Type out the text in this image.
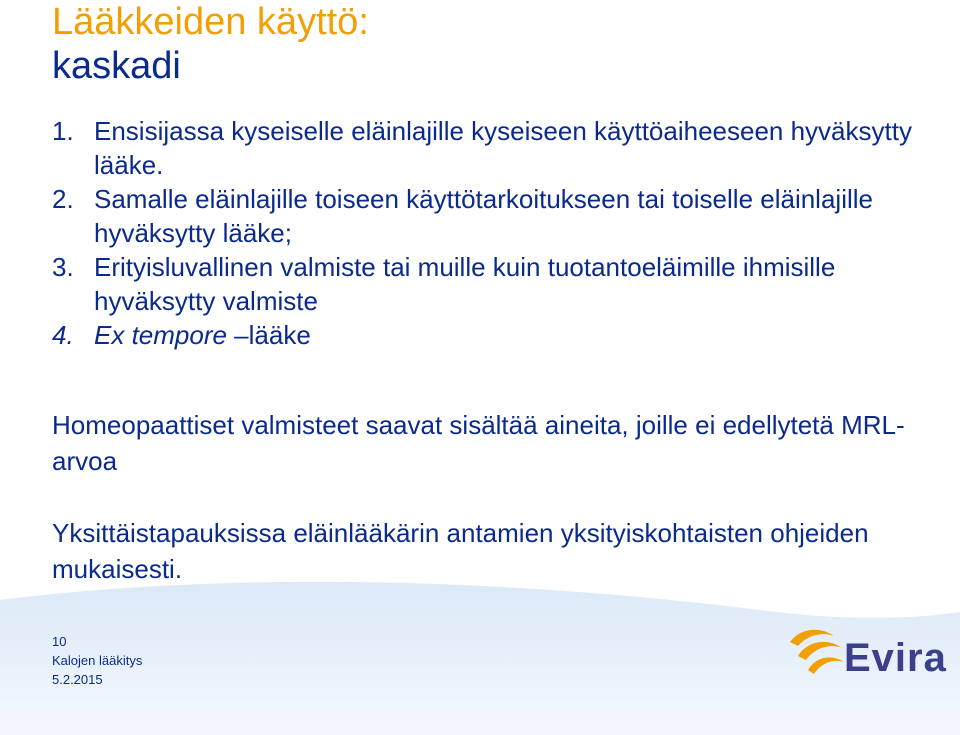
Lääkkeiden käyttö:
kaskadi
1. Ensisijassa kyseiselle eläinlajille kyseiseen käyttöaiheeseen hyväksytty lääke.
2. Samalle eläinlajille toiseen käyttötarkoitukseen tai toiselle eläinlajille hyväksytty lääke;
3. Erityisluvallinen valmiste tai muille kuin tuotantoeläimille ihmisille hyväksytty valmiste
4. Ex tempore –lääke
Homeopaattiset valmisteet saavat sisältää aineita, joille ei edellytetä MRL-arvoa
Yksittäistapauksissa eläinlääkärin antamien yksityiskohtaisten ohjeiden mukaisesti.
10
Kalojen lääkitys
5.2.2015	Evira
